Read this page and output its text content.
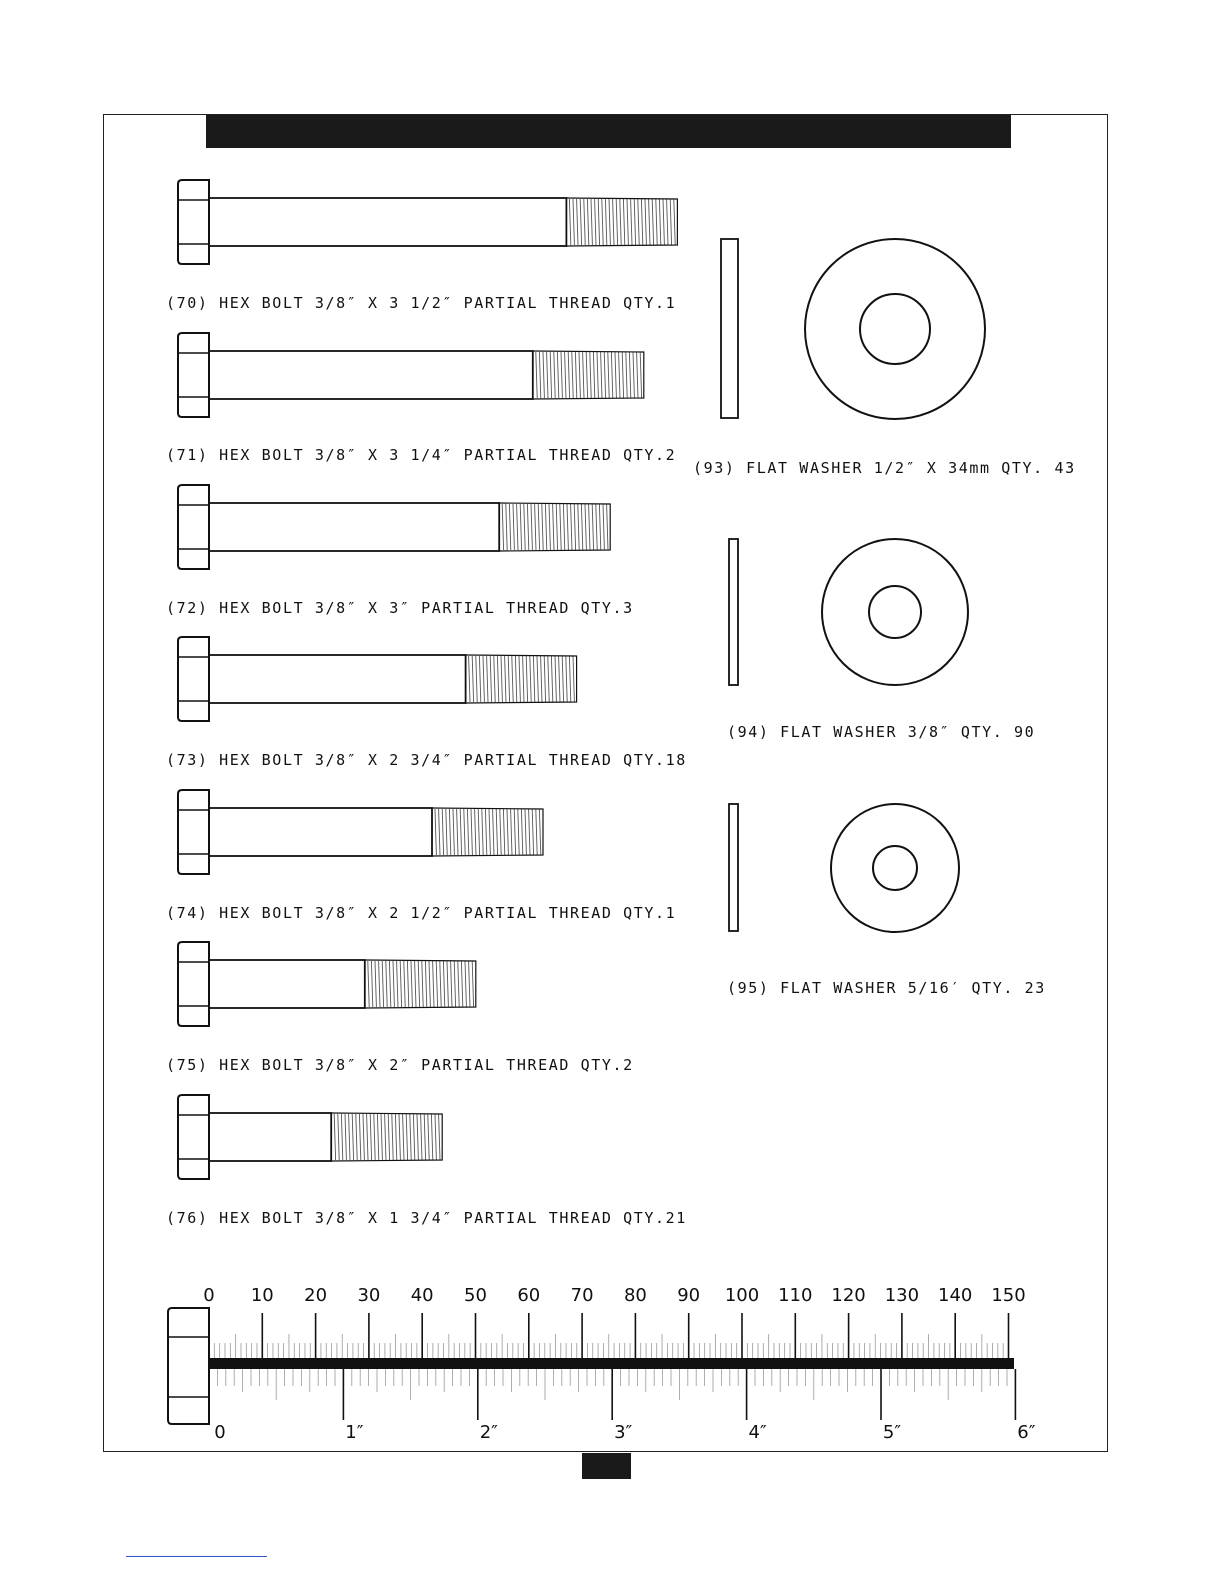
0 10 20 30 40 50 60 70 80 90 100 110 120 130 140 150
0	1″	2″	3″	4″	5″	6″
(70) HEX BOLT 3/8″ X 3 1/2″ PARTIAL THREAD QTY.1
(71) HEX BOLT 3/8″ X 3 1/4″ PARTIAL THREAD QTY.2
(72) HEX BOLT 3/8″ X 3″ PARTIAL THREAD QTY.3
(73) HEX BOLT 3/8″ X 2 3/4″ PARTIAL THREAD QTY.18
(74) HEX BOLT 3/8″ X 2 1/2″ PARTIAL THREAD QTY.1
(75) HEX BOLT 3/8″ X 2″ PARTIAL THREAD QTY.2
(76) HEX BOLT 3/8″ X 1 3/4″ PARTIAL THREAD QTY.21
(93) FLAT WASHER 1/2″ X 34mm QTY. 43
(94) FLAT WASHER 3/8″ QTY. 90
(95) FLAT WASHER 5/16′ QTY. 23
